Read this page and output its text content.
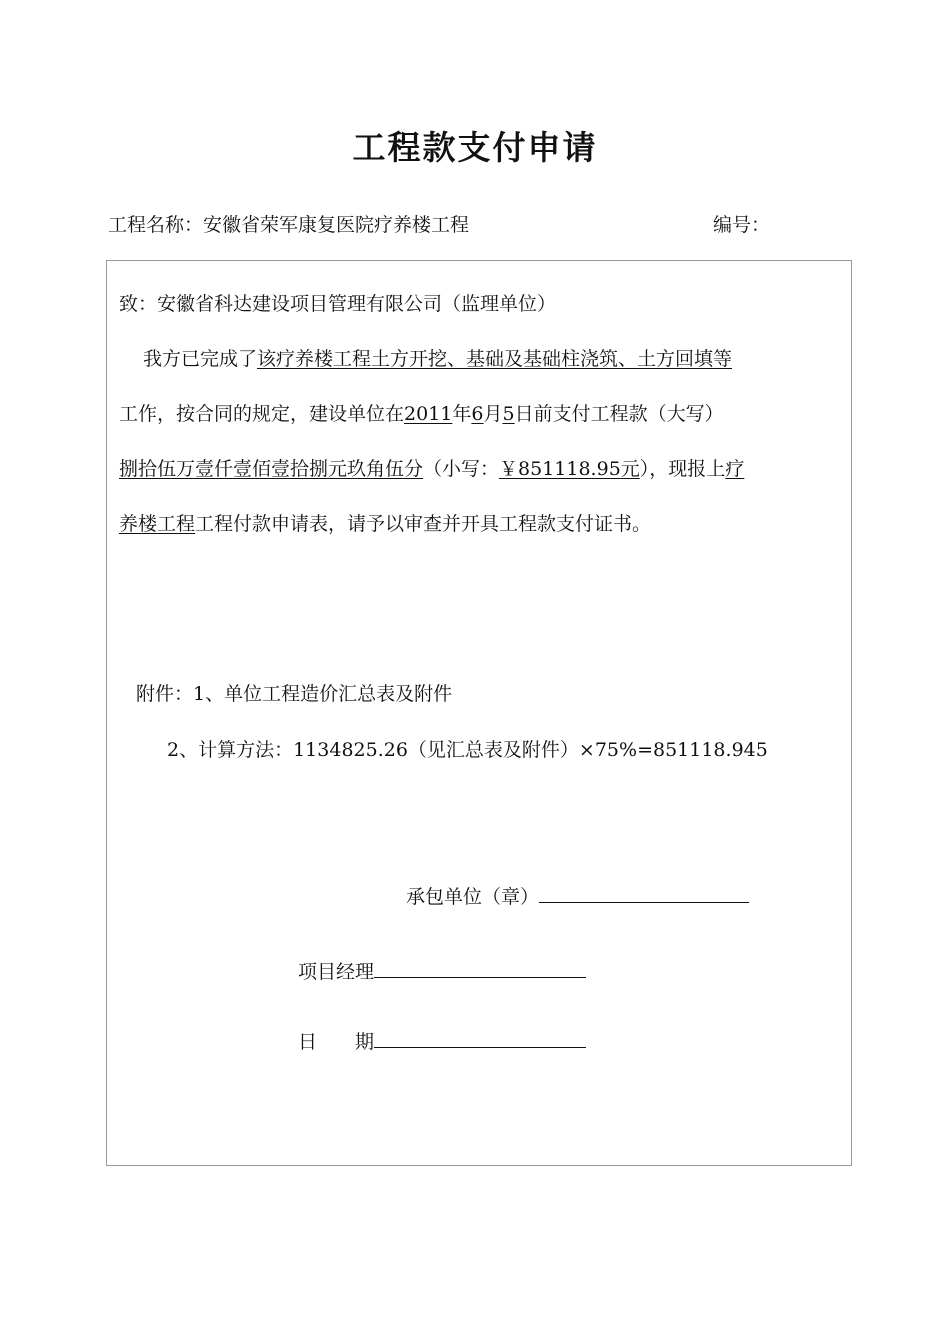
工程款支付申请
工程名称：安徽省荣军康复医院疗养楼工程	编号：
致：安徽省科达建设项目管理有限公司（监理单位）
我方已完成了该疗养楼工程土方开挖、基础及基础柱浇筑、土方回填等
工作，按合同的规定，建设单位在2011年6月5日前支付工程款（大写）
捌拾伍万壹仟壹佰壹拾捌元玖角伍分（小写：￥851118.95元），现报上疗
养楼工程工程付款申请表，请予以审查并开具工程款支付证书。
附件：1、单位工程造价汇总表及附件
2、计算方法：1134825.26（见汇总表及附件）×75%=851118.945
承包单位（章）
项目经理
日　　期
